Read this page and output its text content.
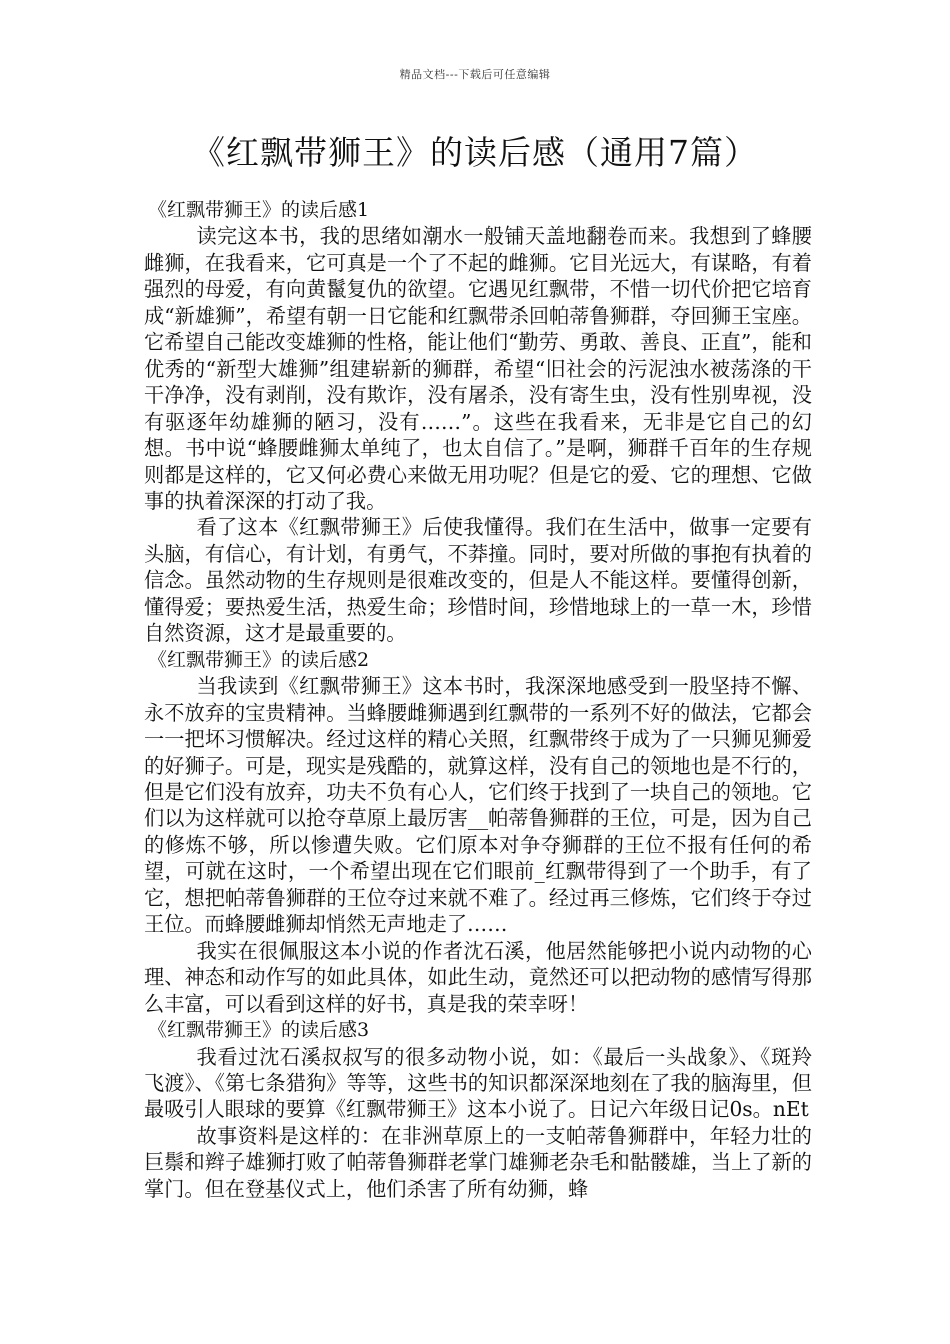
精品文档---下载后可任意编辑
《红飘带狮王》的读后感（通用7篇）
《红飘带狮王》的读后感1

读完这本书，我的思绪如潮水一般铺天盖地翻卷而来。我想到了蜂腰雌狮，在我看来，它可真是一个了不起的雌狮。它目光远大，有谋略，有着强烈的母爱，有向黄鬣复仇的欲望。它遇见红飘带，不惜一切代价把它培育成“新雄狮”，希望有朝一日它能和红飘带杀回帕蒂鲁狮群，夺回狮王宝座。它希望自己能改变雄狮的性格，能让他们“勤劳、勇敢、善良、正直”，能和优秀的“新型大雄狮”组建崭新的狮群，希望“旧社会的污泥浊水被荡涤的干干净净，没有剥削，没有欺诈，没有屠杀，没有寄生虫，没有性别卑视，没有驱逐年幼雄狮的陋习，没有……”。这些在我看来，无非是它自己的幻想。书中说“蜂腰雌狮太单纯了，也太自信了。”是啊，狮群千百年的生存规则都是这样的，它又何必费心来做无用功呢？但是它的爱、它的理想、它做事的执着深深的打动了我。

看了这本《红飘带狮王》后使我懂得。我们在生活中，做事一定要有头脑，有信心，有计划，有勇气，不莽撞。同时，要对所做的事抱有执着的信念。虽然动物的生存规则是很难改变的，但是人不能这样。要懂得创新，懂得爱；要热爱生活，热爱生命；珍惜时间，珍惜地球上的一草一木，珍惜自然资源，这才是最重要的。

《红飘带狮王》的读后感2

当我读到《红飘带狮王》这本书时，我深深地感受到一股坚持不懈、永不放弃的宝贵精神。当蜂腰雌狮遇到红飘带的一系列不好的做法，它都会一一把坏习惯解决。经过这样的精心关照，红飘带终于成为了一只狮见狮爱的好狮子。可是，现实是残酷的，就算这样，没有自己的领地也是不行的，但是它们没有放弃，功夫不负有心人，它们终于找到了一块自己的领地。它们以为这样就可以抢夺草原上最厉害__帕蒂鲁狮群的王位，可是，因为自己的修炼不够，所以惨遭失败。它们原本对争夺狮群的王位不报有任何的希望，可就在这时，一个希望出现在它们眼前_红飘带得到了一个助手，有了它，想把帕蒂鲁狮群的王位夺过来就不难了。经过再三修炼，它们终于夺过王位。而蜂腰雌狮却悄然无声地走了……

我实在很佩服这本小说的作者沈石溪，他居然能够把小说内动物的心理、神态和动作写的如此具体，如此生动，竟然还可以把动物的感情写得那么丰富，可以看到这样的好书，真是我的荣幸呀！

《红飘带狮王》的读后感3

我看过沈石溪叔叔写的很多动物小说，如：《最后一头战象》、《斑羚飞渡》、《第七条猎狗》等等，这些书的知识都深深地刻在了我的脑海里，但最吸引人眼球的要算《红飘带狮王》这本小说了。日记六年级日记0s。nEt

故事资料是这样的：在非洲草原上的一支帕蒂鲁狮群中，年轻力壮的巨鬃和辫子雄狮打败了帕蒂鲁狮群老掌门雄狮老杂毛和骷髅雄，当上了新的掌门。但在登基仪式上，他们杀害了所有幼狮，蜂
